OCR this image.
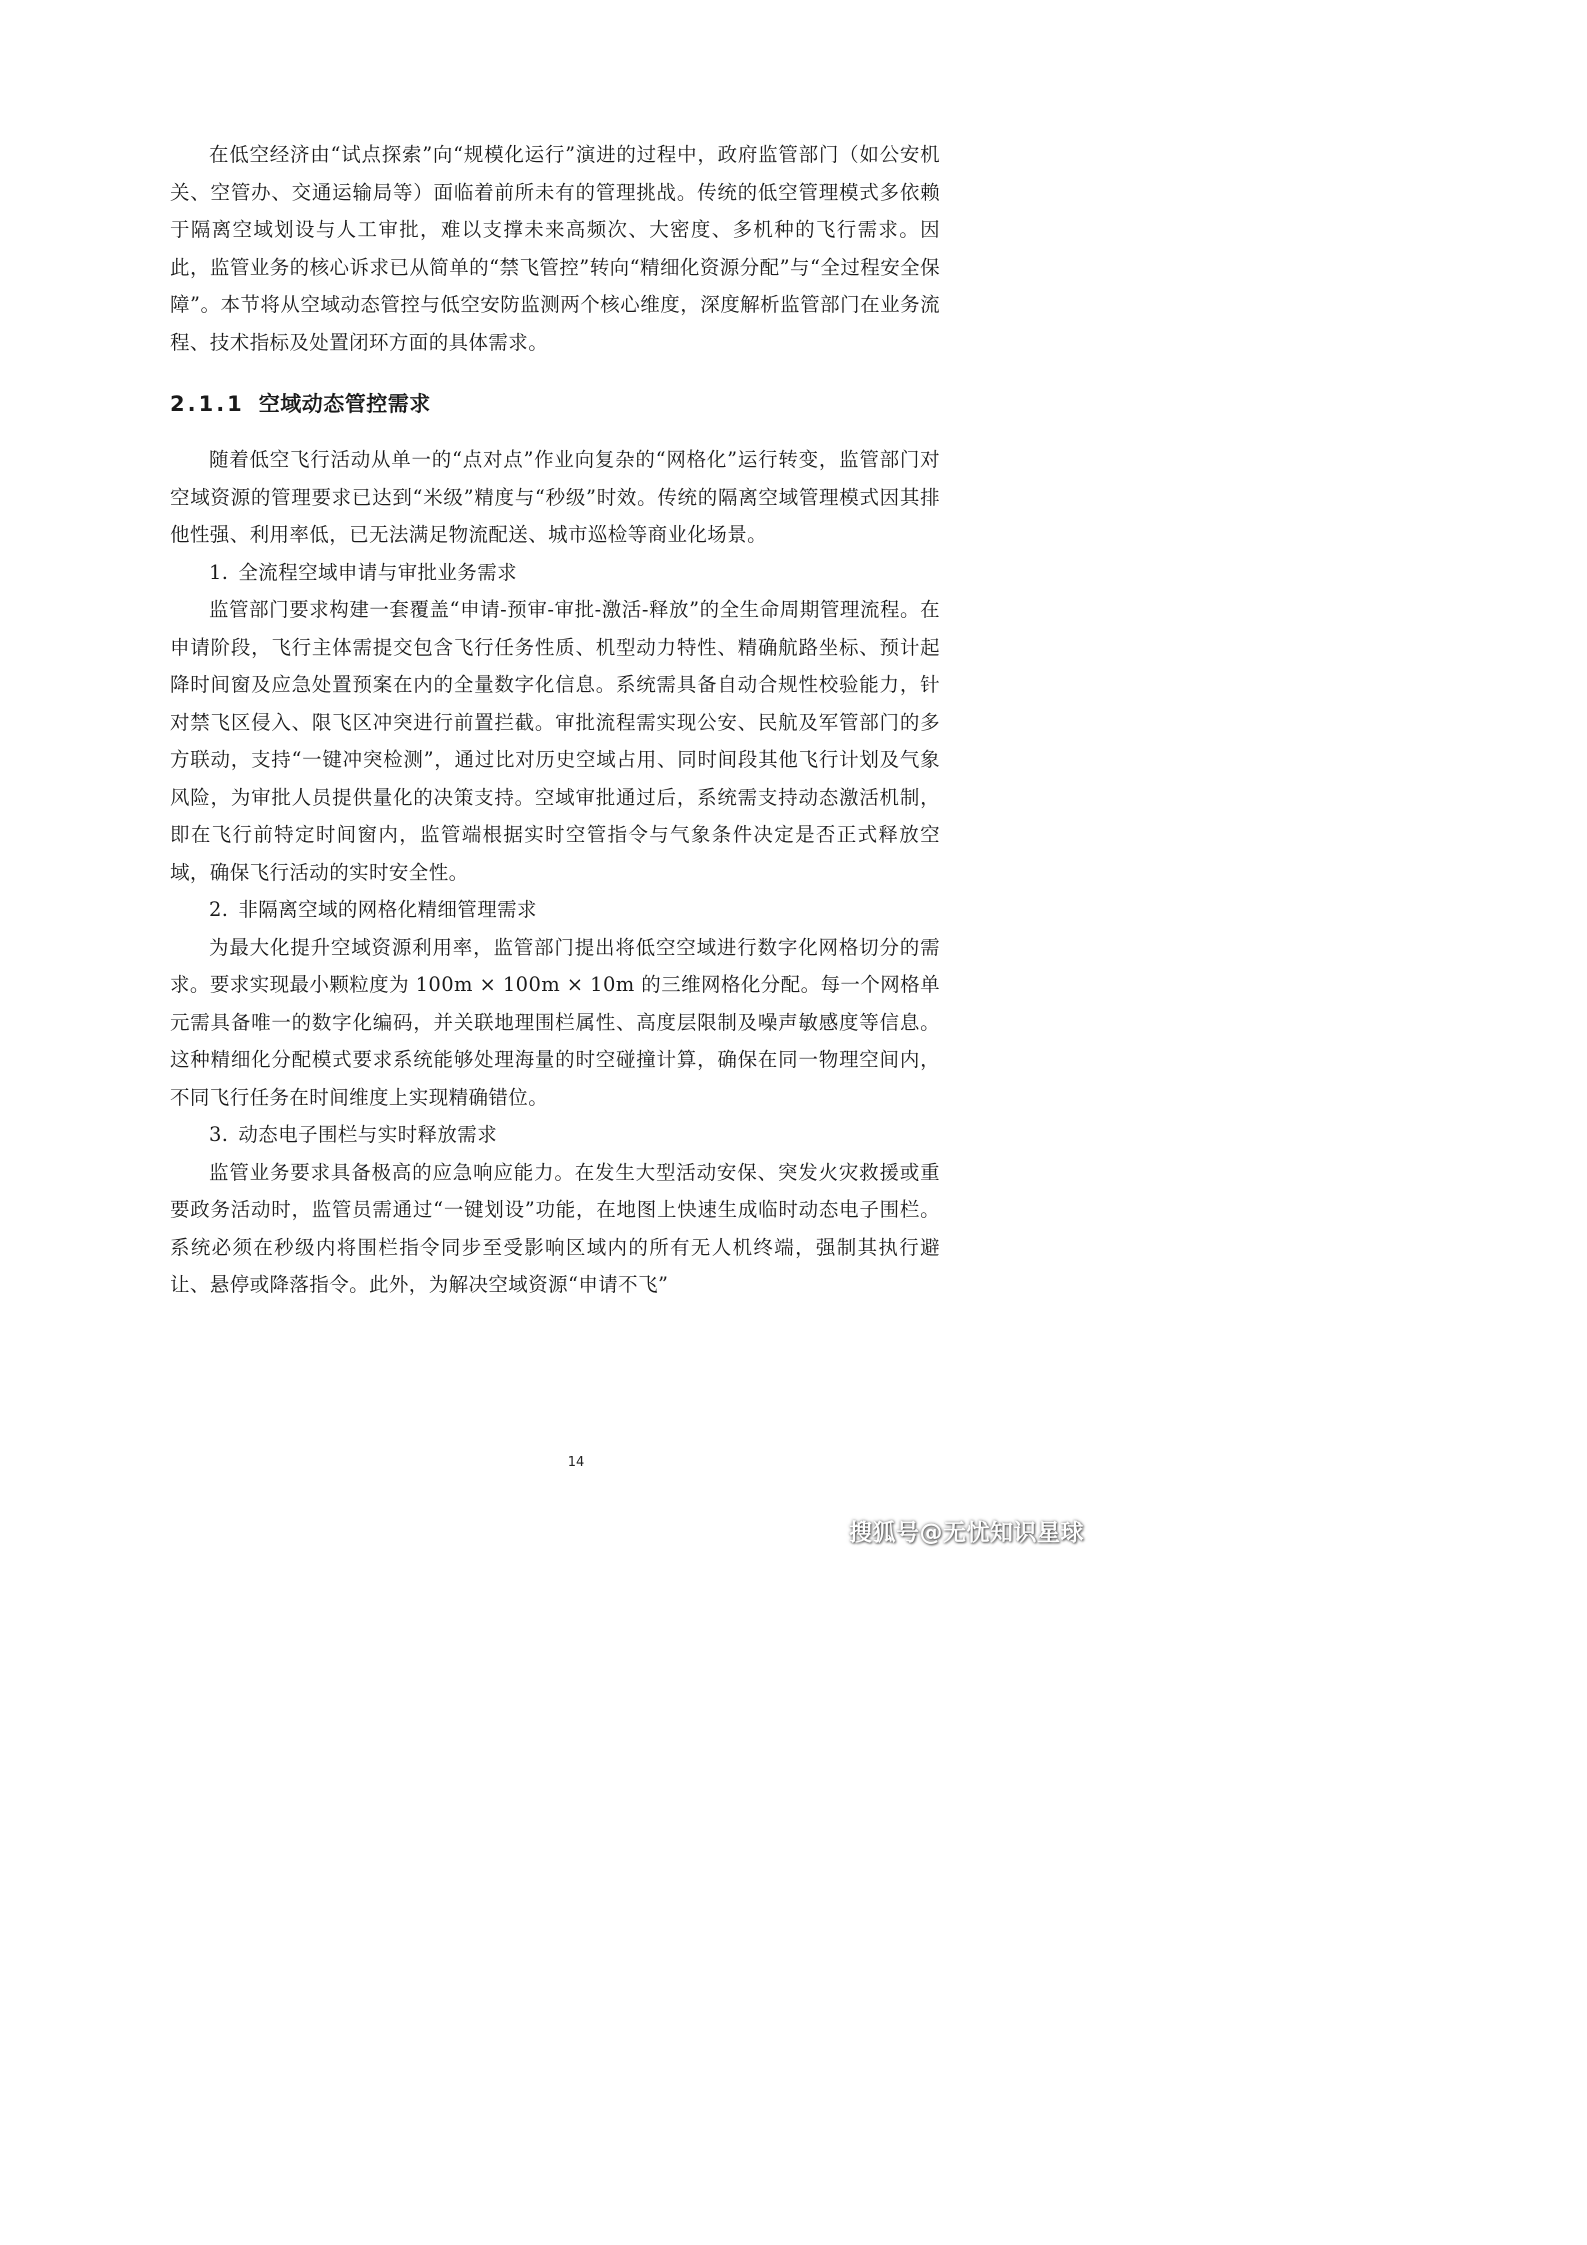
在低空经济由“试点探索”向“规模化运行”演进的过程中，政府监管部门（如公安机关、空管办、交通运输局等）面临着前所未有的管理挑战。传统的低空管理模式多依赖于隔离空域划设与人工审批，难以支撑未来高频次、大密度、多机种的飞行需求。因此，监管业务的核心诉求已从简单的“禁飞管控”转向“精细化资源分配”与“全过程安全保障”。本节将从空域动态管控与低空安防监测两个核心维度，深度解析监管部门在业务流程、技术指标及处置闭环方面的具体需求。

2.1.1 空域动态管控需求

随着低空飞行活动从单一的“点对点”作业向复杂的“网格化”运行转变，监管部门对空域资源的管理要求已达到“米级”精度与“秒级”时效。传统的隔离空域管理模式因其排他性强、利用率低，已无法满足物流配送、城市巡检等商业化场景。

1. 全流程空域申请与审批业务需求

监管部门要求构建一套覆盖“申请-预审-审批-激活-释放”的全生命周期管理流程。在申请阶段，飞行主体需提交包含飞行任务性质、机型动力特性、精确航路坐标、预计起降时间窗及应急处置预案在内的全量数字化信息。系统需具备自动合规性校验能力，针对禁飞区侵入、限飞区冲突进行前置拦截。审批流程需实现公安、民航及军管部门的多方联动，支持“一键冲突检测”，通过比对历史空域占用、同时间段其他飞行计划及气象风险，为审批人员提供量化的决策支持。空域审批通过后，系统需支持动态激活机制，即在飞行前特定时间窗内，监管端根据实时空管指令与气象条件决定是否正式释放空域，确保飞行活动的实时安全性。

2. 非隔离空域的网格化精细管理需求

为最大化提升空域资源利用率，监管部门提出将低空空域进行数字化网格切分的需求。要求实现最小颗粒度为 100m × 100m × 10m 的三维网格化分配。每一个网格单元需具备唯一的数字化编码，并关联地理围栏属性、高度层限制及噪声敏感度等信息。这种精细化分配模式要求系统能够处理海量的时空碰撞计算，确保在同一物理空间内，不同飞行任务在时间维度上实现精确错位。

3. 动态电子围栏与实时释放需求

监管业务要求具备极高的应急响应能力。在发生大型活动安保、突发火灾救援或重要政务活动时，监管员需通过“一键划设”功能，在地图上快速生成临时动态电子围栏。系统必须在秒级内将围栏指令同步至受影响区域内的所有无人机终端，强制其执行避让、悬停或降落指令。此外，为解决空域资源“申请不飞”

14
搜狐号@无忧知识星球
